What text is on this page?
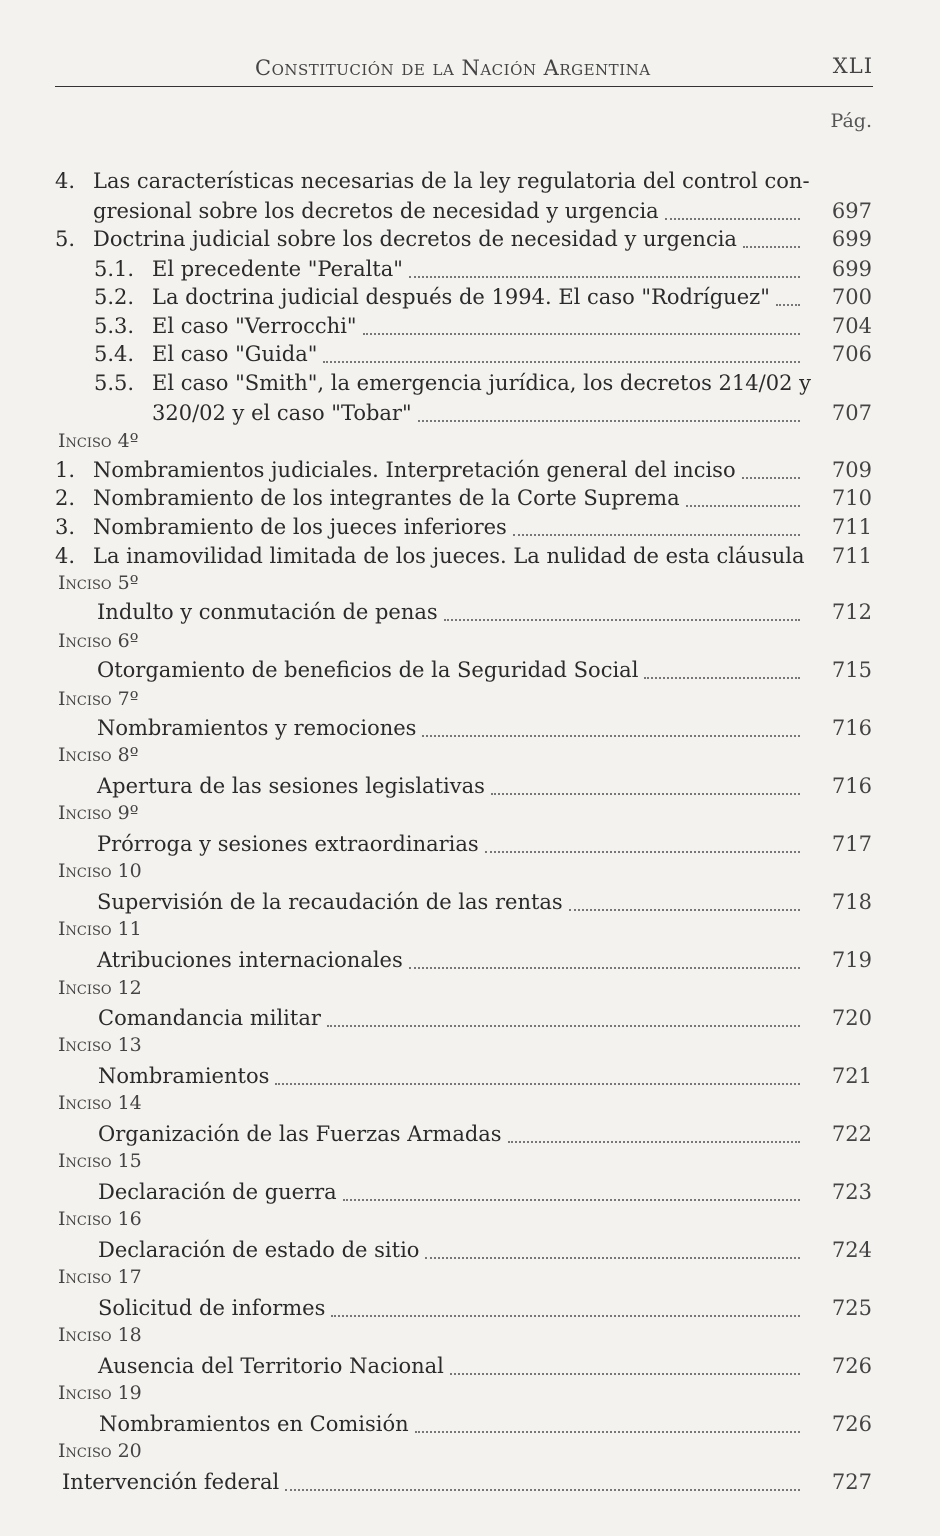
Constitución de la Nación Argentina	XLI
Pág.
4. Las características necesarias de la ley regulatoria del control con-
gresional sobre los decretos de necesidad y urgencia	697
5. Doctrina judicial sobre los decretos de necesidad y urgencia	699
5.1. El precedente "Peralta"	699
5.2. La doctrina judicial después de 1994. El caso "Rodríguez"	700
5.3. El caso "Verrocchi"	704
5.4. El caso "Guida"	706
5.5. El caso "Smith", la emergencia jurídica, los decretos 214/02 y
320/02 y el caso "Tobar"	707
Inciso 4º
1. Nombramientos judiciales. Interpretación general del inciso	709
2. Nombramiento de los integrantes de la Corte Suprema	710
3. Nombramiento de los jueces inferiores	711
4. La inamovilidad limitada de los jueces. La nulidad de esta cláusula 711
Inciso 5º
Indulto y conmutación de penas	712
Inciso 6º
Otorgamiento de beneficios de la Seguridad Social	715
Inciso 7º
Nombramientos y remociones	716
Inciso 8º
Apertura de las sesiones legislativas	716
Inciso 9º
Prórroga y sesiones extraordinarias	717
Inciso 10
Supervisión de la recaudación de las rentas	718
Inciso 11
Atribuciones internacionales	719
Inciso 12
Comandancia militar	720
Inciso 13
Nombramientos	721
Inciso 14
Organización de las Fuerzas Armadas	722
Inciso 15
Declaración de guerra	723
Inciso 16
Declaración de estado de sitio	724
Inciso 17
Solicitud de informes	725
Inciso 18
Ausencia del Territorio Nacional	726
Inciso 19
Nombramientos en Comisión	726
Inciso 20
Intervención federal	727
